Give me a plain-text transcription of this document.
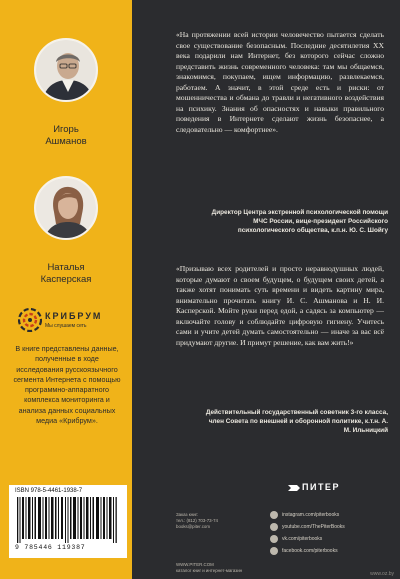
Игорь
Ашманов
Наталья
Касперская
КРИБРУМ
Мы слушаем сеть
В книге представлены данные, полученные в ходе исследования русскоязычного сегмента Интернета с помощью программно-аппаратного комплекса мониторинга и анализа данных социальных медиа «Крибрум».
ISBN 978-5-4461-1938-7
9 785446 119387
«На протяжении всей истории человечество пытается сделать свое существование безопасным. Последние десятилетия XX века подарили нам Интернет, без которого сейчас сложно представить жизнь современного человека: там мы общаемся, знакомимся, покупаем, ищем информацию, развлекаемся, работаем. А значит, в этой среде есть и риски: от мошенничества и обмана до травли и негативного воздействия на психику. Знания об опасностях и навыки правильного поведения в Интернете сделают жизнь безопаснее, а следовательно — комфортнее».
Директор Центра экстренной психологической помощи МЧС России, вице-президент Российского психологического общества, к.п.н. Ю. С. Шойгу
«Призываю всех родителей и просто неравнодушных людей, которые думают о своем будущем, о будущем своих детей, а также хотят понимать суть времени и видеть картину мира, внимательно прочитать книгу И. С. Ашманова и Н. И. Касперской. Мойте руки перед едой, а садясь за компьютер — включайте голову и соблюдайте цифровую гигиену. Учитесь сами и учите детей думать самостоятельно — иначе за вас всё придумают другие. И примут решение, как вам жить!»
Действительный государственный советник 3-го класса, член Совета по внешней и оборонной политике, к.т.н. А. М. Ильницкий
ПИТЕР
Заказ книг:
тел.: (812) 703-73-74
books@piter.com
WWW.PITER.COM
каталог книг и интернет-магазин
instagram.com/piterbooks
youtube.com/ThePiterBooks
vk.com/piterbooks
facebook.com/piterbooks
www.oz.by
